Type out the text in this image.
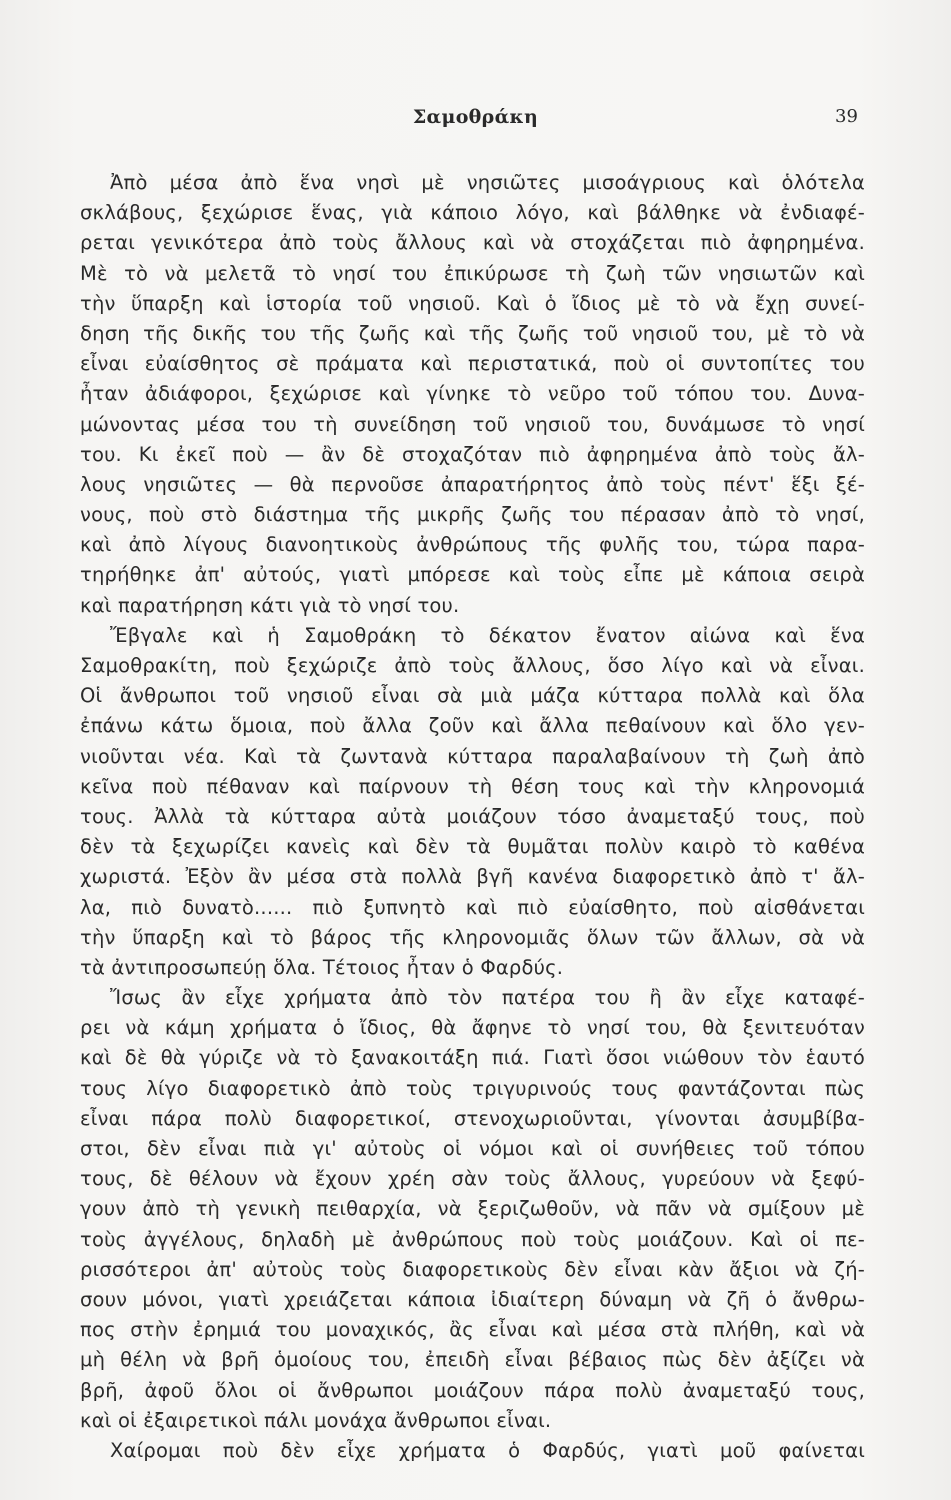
Σαμοθράκη	39
Ἀπὸ μέσα ἀπὸ ἕνα νησὶ μὲ νησιῶτες μισοάγριους καὶ ὁλότελα
σκλάβους, ξεχώρισε ἕνας, γιὰ κάποιο λόγο, καὶ βάλθηκε νὰ ἐνδιαφέ-
ρεται γενικότερα ἀπὸ τοὺς ἄλλους καὶ νὰ στοχάζεται πιὸ ἀφηρημένα.
Μὲ τὸ νὰ μελετᾶ τὸ νησί του ἐπικύρωσε τὴ ζωὴ τῶν νησιωτῶν καὶ
τὴν ὕπαρξη καὶ ἱστορία τοῦ νησιοῦ. Καὶ ὁ ἴδιος μὲ τὸ νὰ ἔχῃ συνεί-
δηση τῆς δικῆς του τῆς ζωῆς καὶ τῆς ζωῆς τοῦ νησιοῦ του, μὲ τὸ νὰ
εἶναι εὐαίσθητος σὲ πράματα καὶ περιστατικά, ποὺ οἱ συντοπίτες του
ἦταν ἀδιάφοροι, ξεχώρισε καὶ γίνηκε τὸ νεῦρο τοῦ τόπου του. Δυνα-
μώνοντας μέσα του τὴ συνείδηση τοῦ νησιοῦ του, δυνάμωσε τὸ νησί
του. Κι ἐκεῖ ποὺ — ἂν δὲ στοχαζόταν πιὸ ἀφηρημένα ἀπὸ τοὺς ἄλ-
λους νησιῶτες — θὰ περνοῦσε ἀπαρατήρητος ἀπὸ τοὺς πέντ' ἕξι ξέ-
νους, ποὺ στὸ διάστημα τῆς μικρῆς ζωῆς του πέρασαν ἀπὸ τὸ νησί,
καὶ ἀπὸ λίγους διανοητικοὺς ἀνθρώπους τῆς φυλῆς του, τώρα παρα-
τηρήθηκε ἀπ' αὐτούς, γιατὶ μπόρεσε καὶ τοὺς εἶπε μὲ κάποια σειρὰ
καὶ παρατήρηση κάτι γιὰ τὸ νησί του.
Ἔβγαλε καὶ ἡ Σαμοθράκη τὸ δέκατον ἔνατον αἰώνα καὶ ἕνα
Σαμοθρακίτη, ποὺ ξεχώριζε ἀπὸ τοὺς ἄλλους, ὅσο λίγο καὶ νὰ εἶναι.
Οἱ ἄνθρωποι τοῦ νησιοῦ εἶναι σὰ μιὰ μάζα κύτταρα πολλὰ καὶ ὅλα
ἐπάνω κάτω ὅμοια, ποὺ ἄλλα ζοῦν καὶ ἄλλα πεθαίνουν καὶ ὅλο γεν-
νιοῦνται νέα. Καὶ τὰ ζωντανὰ κύτταρα παραλαβαίνουν τὴ ζωὴ ἀπὸ
κεῖνα ποὺ πέθαναν καὶ παίρνουν τὴ θέση τους καὶ τὴν κληρονομιά
τους. Ἀλλὰ τὰ κύτταρα αὐτὰ μοιάζουν τόσο ἀναμεταξύ τους, ποὺ
δὲν τὰ ξεχωρίζει κανεὶς καὶ δὲν τὰ θυμᾶται πολὺν καιρὸ τὸ καθένα
χωριστά. Ἐξὸν ἂν μέσα στὰ πολλὰ βγῆ κανένα διαφορετικὸ ἀπὸ τ' ἄλ-
λα, πιὸ δυνατὸ...... πιὸ ξυπνητὸ καὶ πιὸ εὐαίσθητο, ποὺ αἰσθάνεται
τὴν ὕπαρξη καὶ τὸ βάρος τῆς κληρονομιᾶς ὅλων τῶν ἄλλων, σὰ νὰ
τὰ ἀντιπροσωπεύῃ ὅλα. Τέτοιος ἦταν ὁ Φαρδύς.
Ἴσως ἂν εἶχε χρήματα ἀπὸ τὸν πατέρα του ἢ ἂν εἶχε καταφέ-
ρει νὰ κάμη χρήματα ὁ ἴδιος, θὰ ἄφηνε τὸ νησί του, θὰ ξενιτευόταν
καὶ δὲ θὰ γύριζε νὰ τὸ ξανακοιτάξη πιά. Γιατὶ ὅσοι νιώθουν τὸν ἑαυτό
τους λίγο διαφορετικὸ ἀπὸ τοὺς τριγυρινούς τους φαντάζονται πὼς
εἶναι πάρα πολὺ διαφορετικοί, στενοχωριοῦνται, γίνονται ἀσυμβίβα-
στοι, δὲν εἶναι πιὰ γι' αὐτοὺς οἱ νόμοι καὶ οἱ συνήθειες τοῦ τόπου
τους, δὲ θέλουν νὰ ἔχουν χρέη σὰν τοὺς ἄλλους, γυρεύουν νὰ ξεφύ-
γουν ἀπὸ τὴ γενικὴ πειθαρχία, νὰ ξεριζωθοῦν, νὰ πᾶν νὰ σμίξουν μὲ
τοὺς ἀγγέλους, δηλαδὴ μὲ ἀνθρώπους ποὺ τοὺς μοιάζουν. Καὶ οἱ πε-
ρισσότεροι ἀπ' αὐτοὺς τοὺς διαφορετικοὺς δὲν εἶναι κὰν ἄξιοι νὰ ζή-
σουν μόνοι, γιατὶ χρειάζεται κάποια ἰδιαίτερη δύναμη νὰ ζῆ ὁ ἄνθρω-
πος στὴν ἐρημιά του μοναχικός, ἂς εἶναι καὶ μέσα στὰ πλήθη, καὶ νὰ
μὴ θέλη νὰ βρῆ ὁμοίους του, ἐπειδὴ εἶναι βέβαιος πὼς δὲν ἀξίζει νὰ
βρῆ, ἀφοῦ ὅλοι οἱ ἄνθρωποι μοιάζουν πάρα πολὺ ἀναμεταξύ τους,
καὶ οἱ ἐξαιρετικοὶ πάλι μονάχα ἄνθρωποι εἶναι.
Χαίρομαι ποὺ δὲν εἶχε χρήματα ὁ Φαρδύς, γιατὶ μοῦ φαίνεται
